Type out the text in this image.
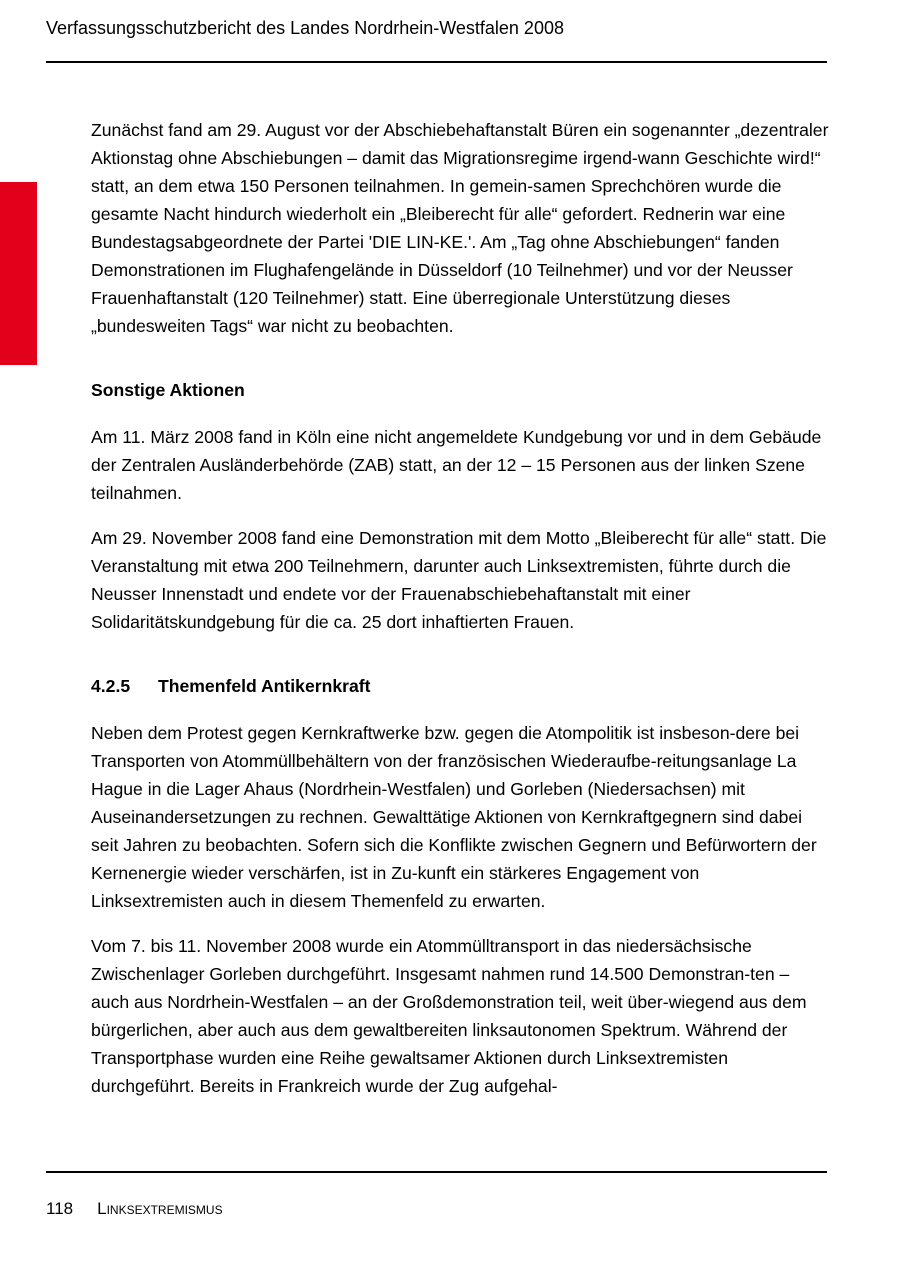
Verfassungsschutzbericht des Landes Nordrhein-Westfalen 2008

Zunächst fand am 29. August vor der Abschiebehaftanstalt Büren ein sogenannter „dezentraler Aktionstag ohne Abschiebungen – damit das Migrationsregime irgend-wann Geschichte wird!“ statt, an dem etwa 150 Personen teilnahmen. In gemein-samen Sprechchören wurde die gesamte Nacht hindurch wiederholt ein „Bleiberecht für alle“ gefordert. Rednerin war eine Bundestagsabgeordnete der Partei 'DIE LIN-KE.'. Am „Tag ohne Abschiebungen“ fanden Demonstrationen im Flughafengelände in Düsseldorf (10 Teilnehmer) und vor der Neusser Frauenhaftanstalt (120 Teilnehmer) statt. Eine überregionale Unterstützung dieses „bundesweiten Tags“ war nicht zu beobachten.

Sonstige Aktionen

Am 11. März 2008 fand in Köln eine nicht angemeldete Kundgebung vor und in dem Gebäude der Zentralen Ausländerbehörde (ZAB) statt, an der 12 – 15 Personen aus der linken Szene teilnahmen.

Am 29. November 2008 fand eine Demonstration mit dem Motto „Bleiberecht für alle“ statt. Die Veranstaltung mit etwa 200 Teilnehmern, darunter auch Linksextremisten, führte durch die Neusser Innenstadt und endete vor der Frauenabschiebehaftanstalt mit einer Solidaritätskundgebung für die ca. 25 dort inhaftierten Frauen.

4.2.5 Themenfeld Antikernkraft

Neben dem Protest gegen Kernkraftwerke bzw. gegen die Atompolitik ist insbeson-dere bei Transporten von Atommüllbehältern von der französischen Wiederaufbe-reitungsanlage La Hague in die Lager Ahaus (Nordrhein-Westfalen) und Gorleben (Niedersachsen) mit Auseinandersetzungen zu rechnen. Gewalttätige Aktionen von Kernkraftgegnern sind dabei seit Jahren zu beobachten. Sofern sich die Konflikte zwischen Gegnern und Befürwortern der Kernenergie wieder verschärfen, ist in Zu-kunft ein stärkeres Engagement von Linksextremisten auch in diesem Themenfeld zu erwarten.

Vom 7. bis 11. November 2008 wurde ein Atommülltransport in das niedersächsische Zwischenlager Gorleben durchgeführt. Insgesamt nahmen rund 14.500 Demonstran-ten – auch aus Nordrhein-Westfalen – an der Großdemonstration teil, weit über-wiegend aus dem bürgerlichen, aber auch aus dem gewaltbereiten linksautonomen Spektrum. Während der Transportphase wurden eine Reihe gewaltsamer Aktionen durch Linksextremisten durchgeführt. Bereits in Frankreich wurde der Zug aufgehal-

118 Linksextremismus
